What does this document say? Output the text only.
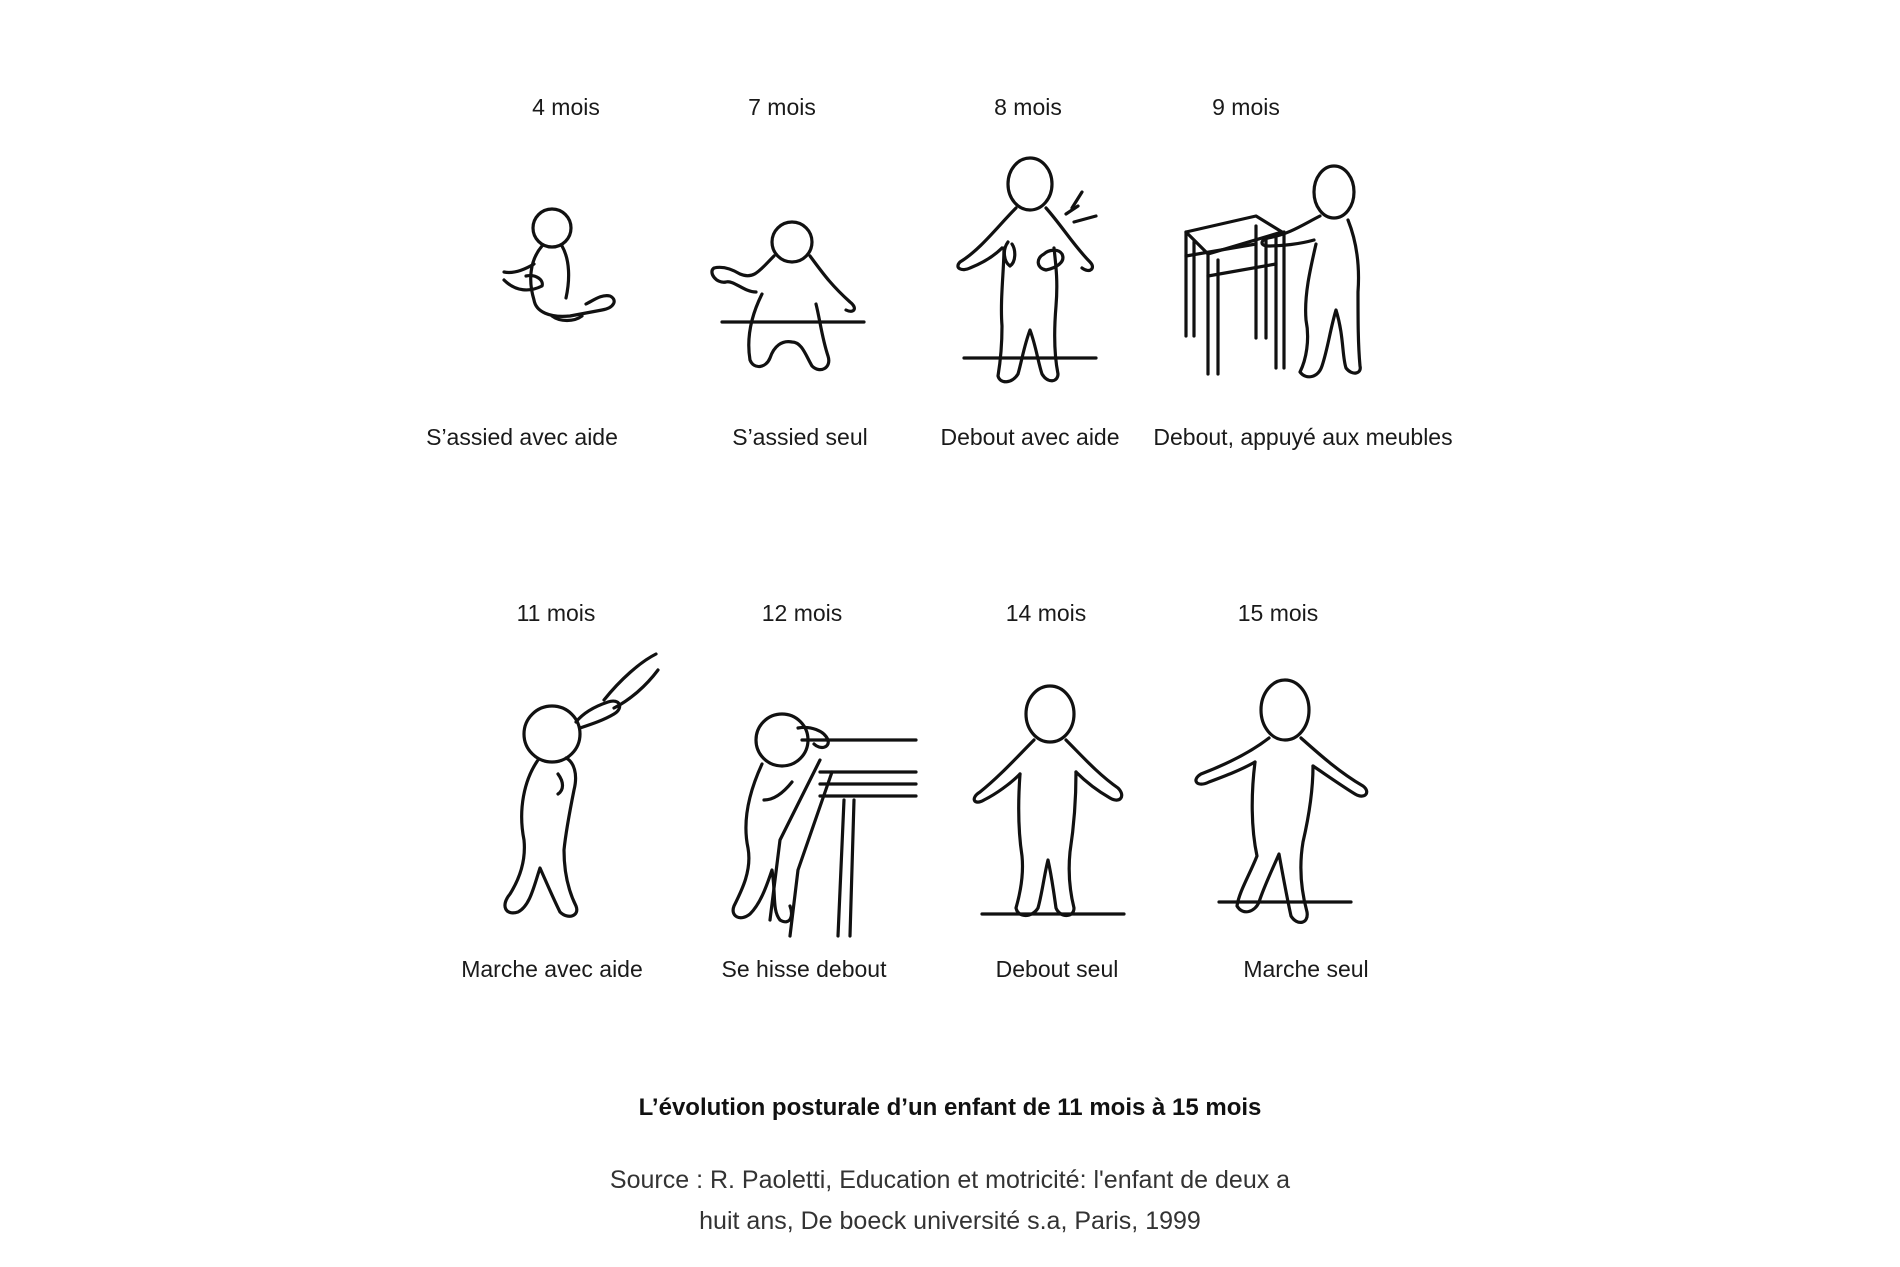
4 mois	7 mois	8 mois	9 mois
S’assied avec aide	S’assied seul	Debout avec aide Debout, appuyé aux meubles
11 mois	12 mois	14 mois	15 mois
Marche avec aide	Se hisse debout	Debout seul	Marche seul
L’évolution posturale d’un enfant de 11 mois à 15 mois
Source : R. Paoletti, Education et motricité: l'enfant de deux a
huit ans, De boeck université s.a, Paris, 1999
